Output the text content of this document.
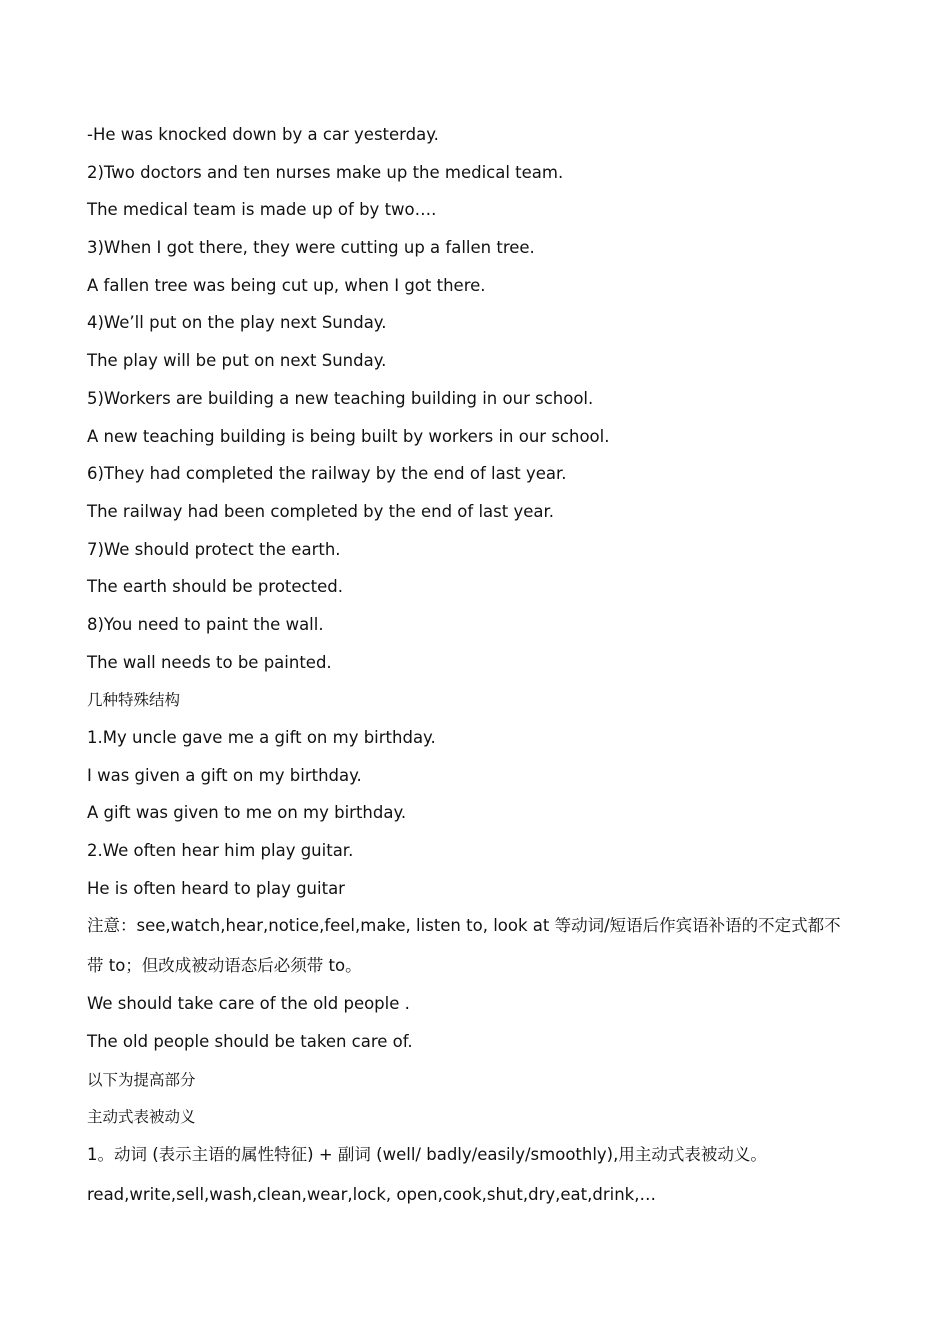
-He was knocked down by a car yesterday.
2)Two doctors and ten nurses make up the medical team.
The medical team is made up of by two….
3)When I got there, they were cutting up a fallen tree.
A fallen tree was being cut up, when I got there.
4)We’ll put on the play next Sunday.
The play will be put on next Sunday.
5)Workers are building a new teaching building in our school.
A new teaching building is being built by workers in our school.
6)They had completed the railway by the end of last year.
The railway had been completed by the end of last year.
7)We should protect the earth.
The earth should be protected.
8)You need to paint the wall.
The wall needs to be painted.
几种特殊结构
1.My uncle gave me a gift on my birthday.
I was given a gift on my birthday.
A gift was given to me on my birthday.
2.We often hear him play guitar.
He is often heard to play guitar
注意：see,watch,hear,notice,feel,make, listen to, look at 等动词/短语后作宾语补语的不定式都不
带 to；但改成被动语态后必须带 to。
We should take care of the old people .
The old people should be taken care of.
以下为提高部分
主动式表被动义
1。动词 (表示主语的属性特征) + 副词 (well/ badly/easily/smoothly),用主动式表被动义。
read,write,sell,wash,clean,wear,lock, open,cook,shut,dry,eat,drink,…
